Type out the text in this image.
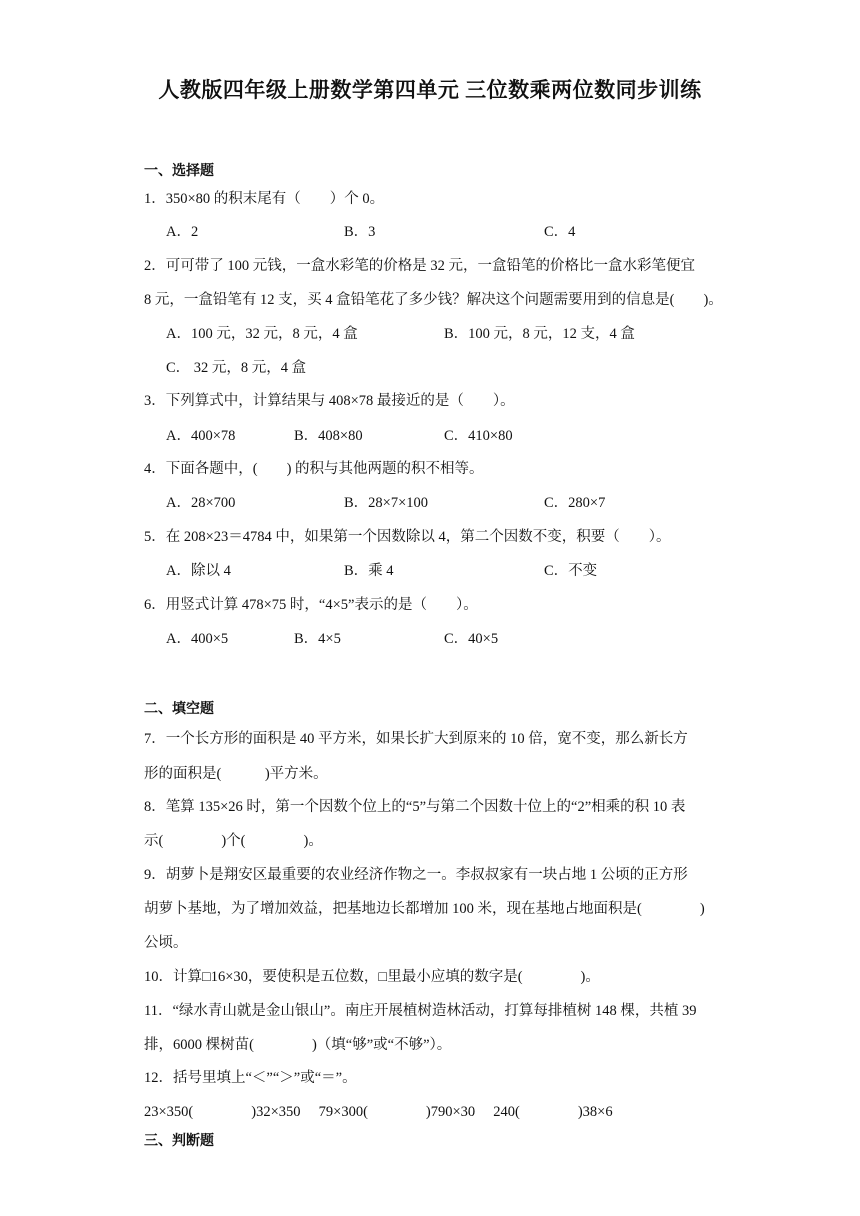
人教版四年级上册数学第四单元 三位数乘两位数同步训练
一、选择题
1．350×80 的积末尾有（　　）个 0。
A．2	B．3	C．4
2．可可带了 100 元钱，一盒水彩笔的价格是 32 元，一盒铅笔的价格比一盒水彩笔便宜
8 元，一盒铅笔有 12 支，买 4 盒铅笔花了多少钱？解决这个问题需要用到的信息是(　　)。
A．100 元，32 元，8 元，4 盒	B．100 元，8 元，12 支，4 盒
C． 32 元，8 元，4 盒
3．下列算式中，计算结果与 408×78 最接近的是（　　）。
A．400×78	B．408×80	C．410×80
4．下面各题中，(　　) 的积与其他两题的积不相等。
A．28×700	B．28×7×100	C．280×7
5．在 208×23＝4784 中，如果第一个因数除以 4，第二个因数不变，积要（　　）。
A．除以 4	B．乘 4	C．不变
6．用竖式计算 478×75 时，“4×5”表示的是（　　）。
A．400×5	B．4×5	C．40×5
二、填空题
7．一个长方形的面积是 40 平方米，如果长扩大到原来的 10 倍，宽不变，那么新长方
形的面积是(　　　)平方米。
8．笔算 135×26 时，第一个因数个位上的“5”与第二个因数十位上的“2”相乘的积 10 表
示(　　　　)个(　　　　)。
9．胡萝卜是翔安区最重要的农业经济作物之一。李叔叔家有一块占地 1 公顷的正方形
胡萝卜基地，为了增加效益，把基地边长都增加 100 米，现在基地占地面积是(　　　　)
公顷。
10．计算□16×30，要使积是五位数，□里最小应填的数字是(　　　　)。
11．“绿水青山就是金山银山”。南庄开展植树造林活动，打算每排植树 148 棵，共植 39
排，6000 棵树苗(　　　　)（填“够”或“不够”）。
12．括号里填上“＜”“＞”或“＝”。
23×350(　　　　)32×350　 79×300(　　　　)790×30　 240(　　　　)38×6
三、判断题
